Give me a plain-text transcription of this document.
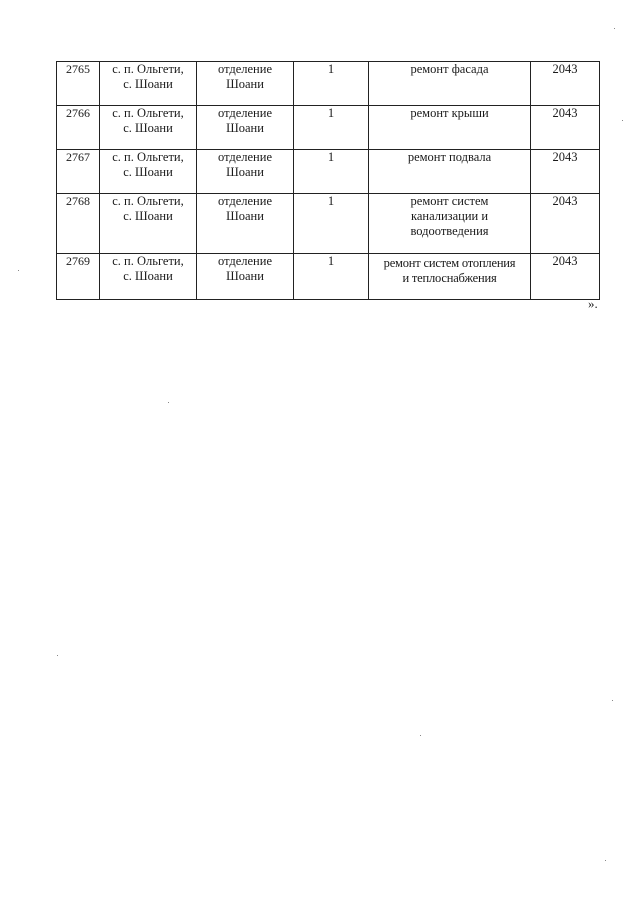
2765	с. п. Ольгети,
с. Шоани	отделение
Шоани	1	ремонт фасада	2043
2766	с. п. Ольгети,
с. Шоани	отделение
Шоани	1	ремонт крыши	2043
2767	с. п. Ольгети,
с. Шоани	отделение
Шоани	1	ремонт подвала	2043
2768	с. п. Ольгети,
с. Шоани	отделение
Шоани	1	ремонт систем
канализации и
водоотведения	2043
2769	с. п. Ольгети,
с. Шоани	отделение
Шоани	1	ремонт систем отопления
и теплоснабжения	2043
».
